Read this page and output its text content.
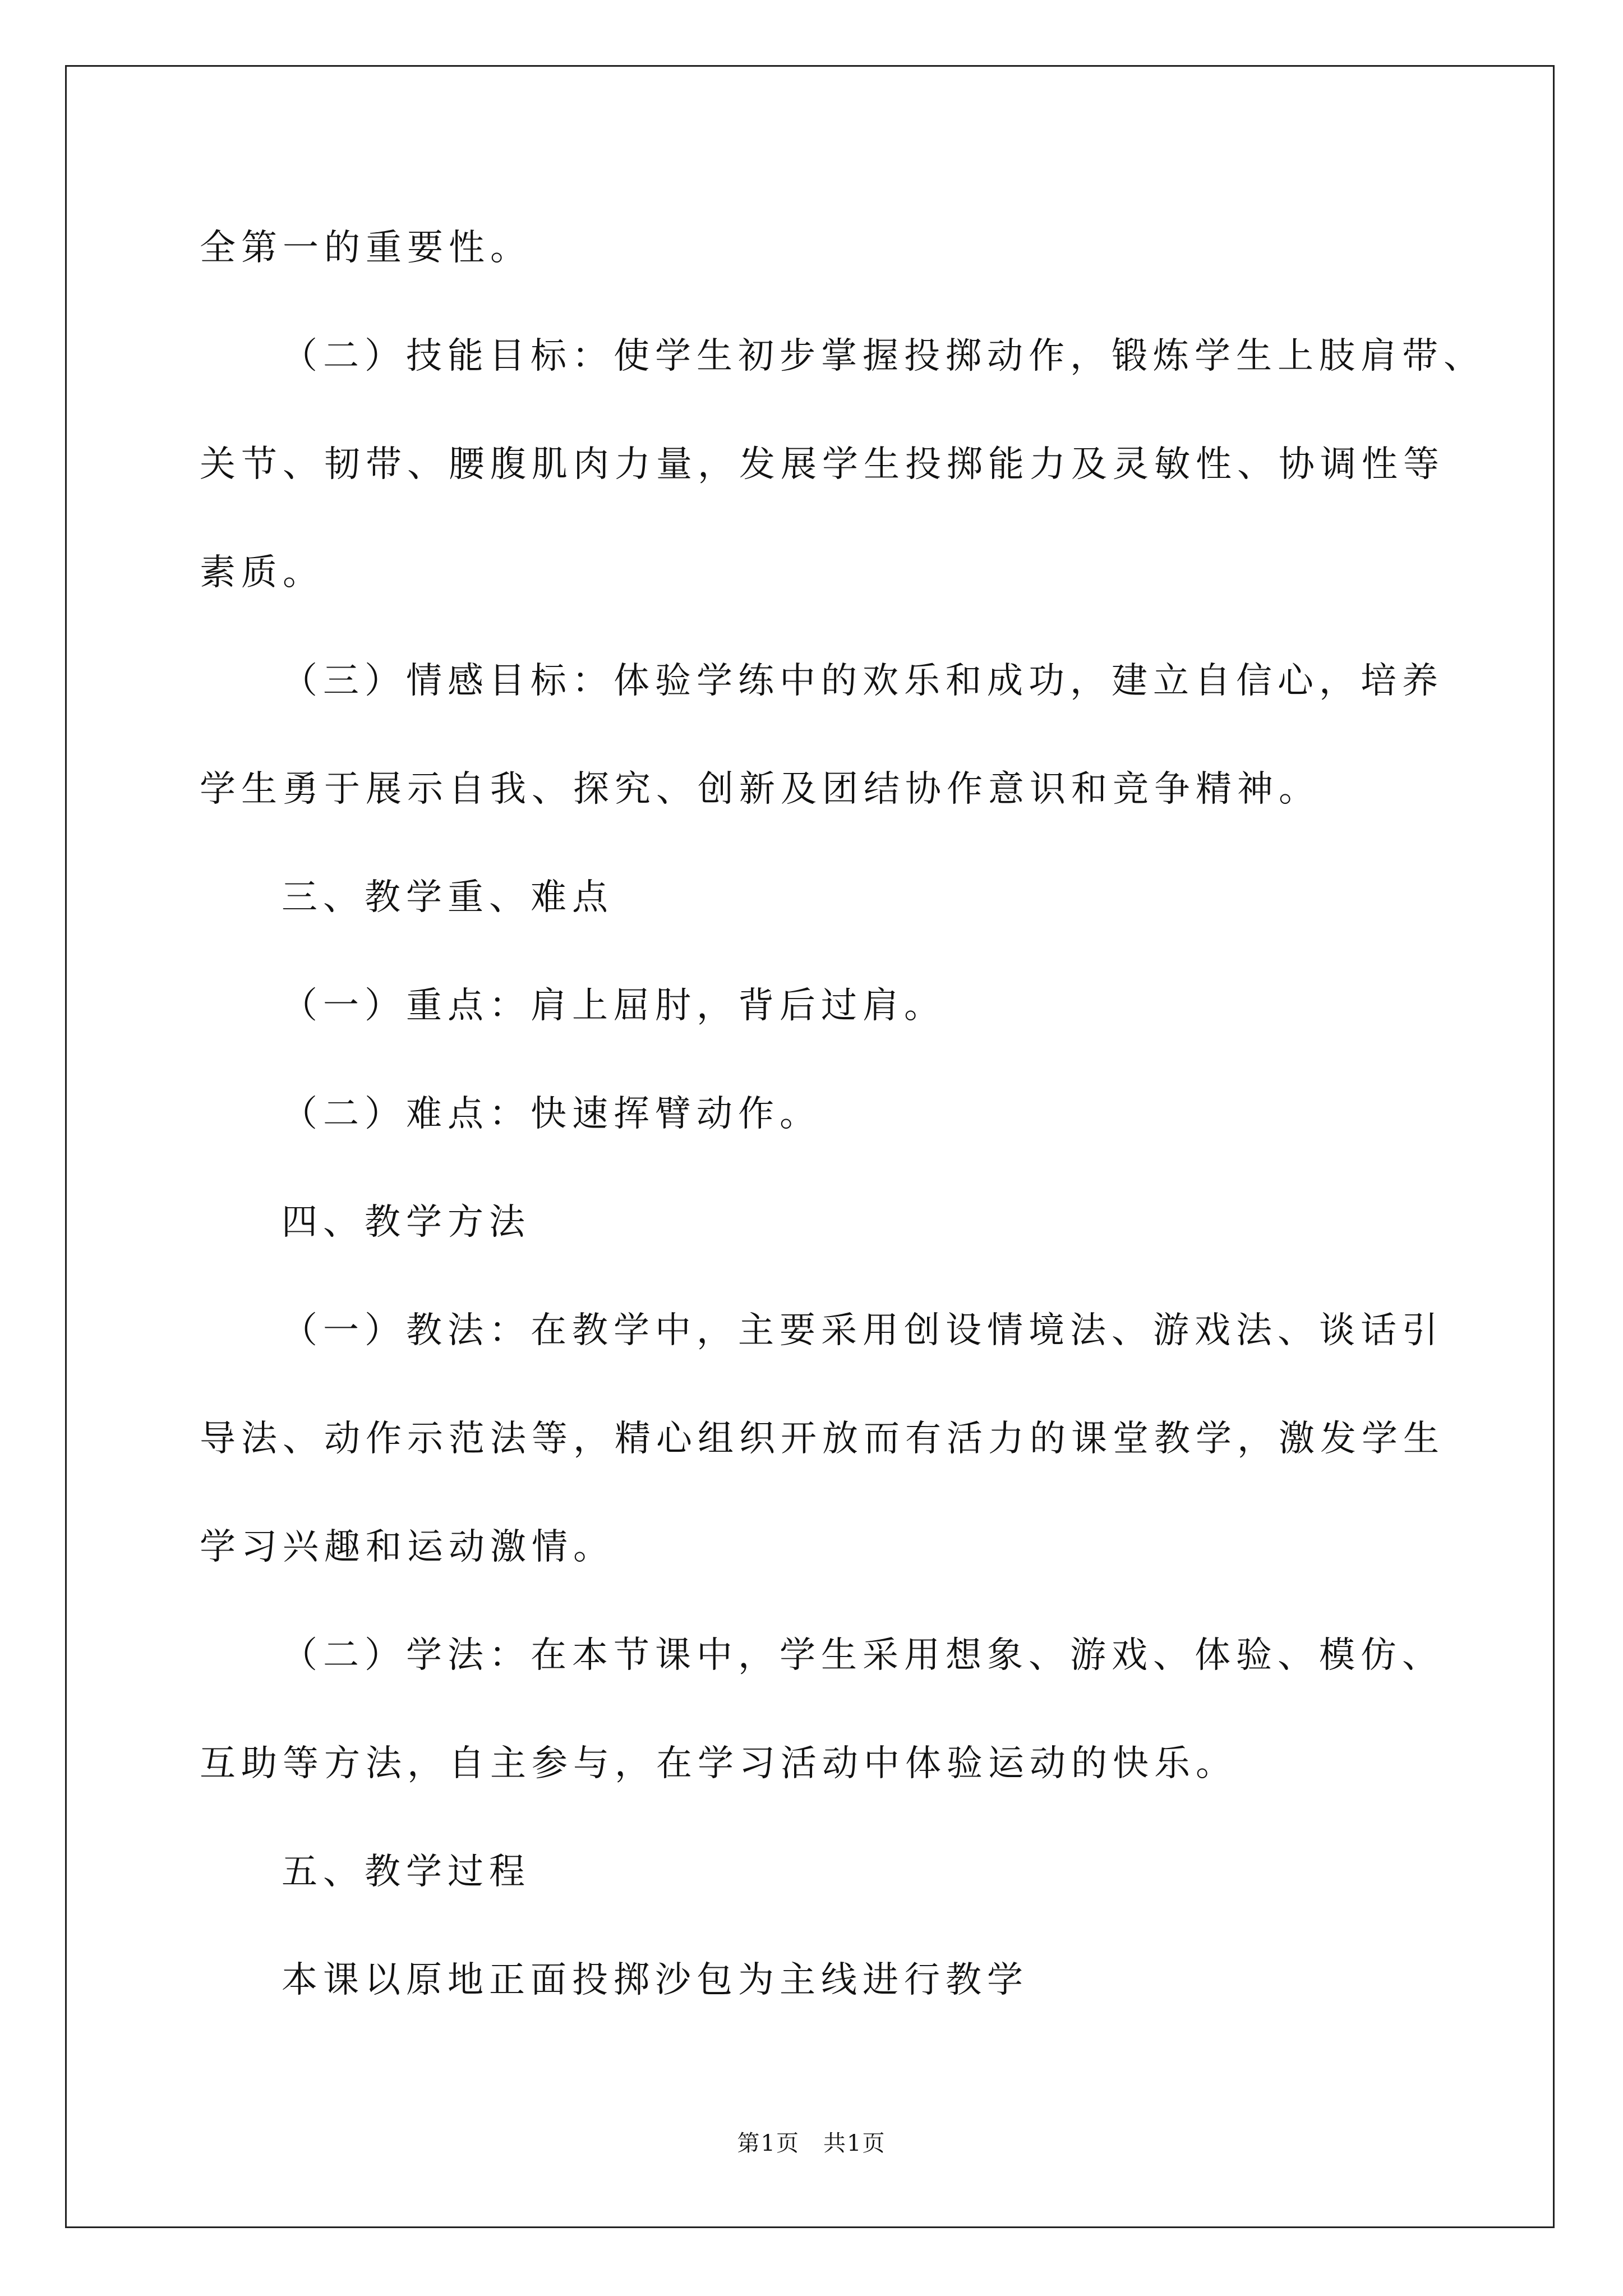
全第一的重要性。

（二）技能目标：使学生初步掌握投掷动作，锻炼学生上肢肩带、

关节、韧带、腰腹肌肉力量，发展学生投掷能力及灵敏性、协调性等

素质。

（三）情感目标：体验学练中的欢乐和成功，建立自信心，培养

学生勇于展示自我、探究、创新及团结协作意识和竞争精神。

三、教学重、难点

（一）重点：肩上屈肘，背后过肩。

（二）难点：快速挥臂动作。

四、教学方法

（一）教法：在教学中，主要采用创设情境法、游戏法、谈话引

导法、动作示范法等，精心组织开放而有活力的课堂教学，激发学生

学习兴趣和运动激情。

（二）学法：在本节课中，学生采用想象、游戏、体验、模仿、

互助等方法，自主参与，在学习活动中体验运动的快乐。

五、教学过程

本课以原地正面投掷沙包为主线进行教学

第1页　共1页
